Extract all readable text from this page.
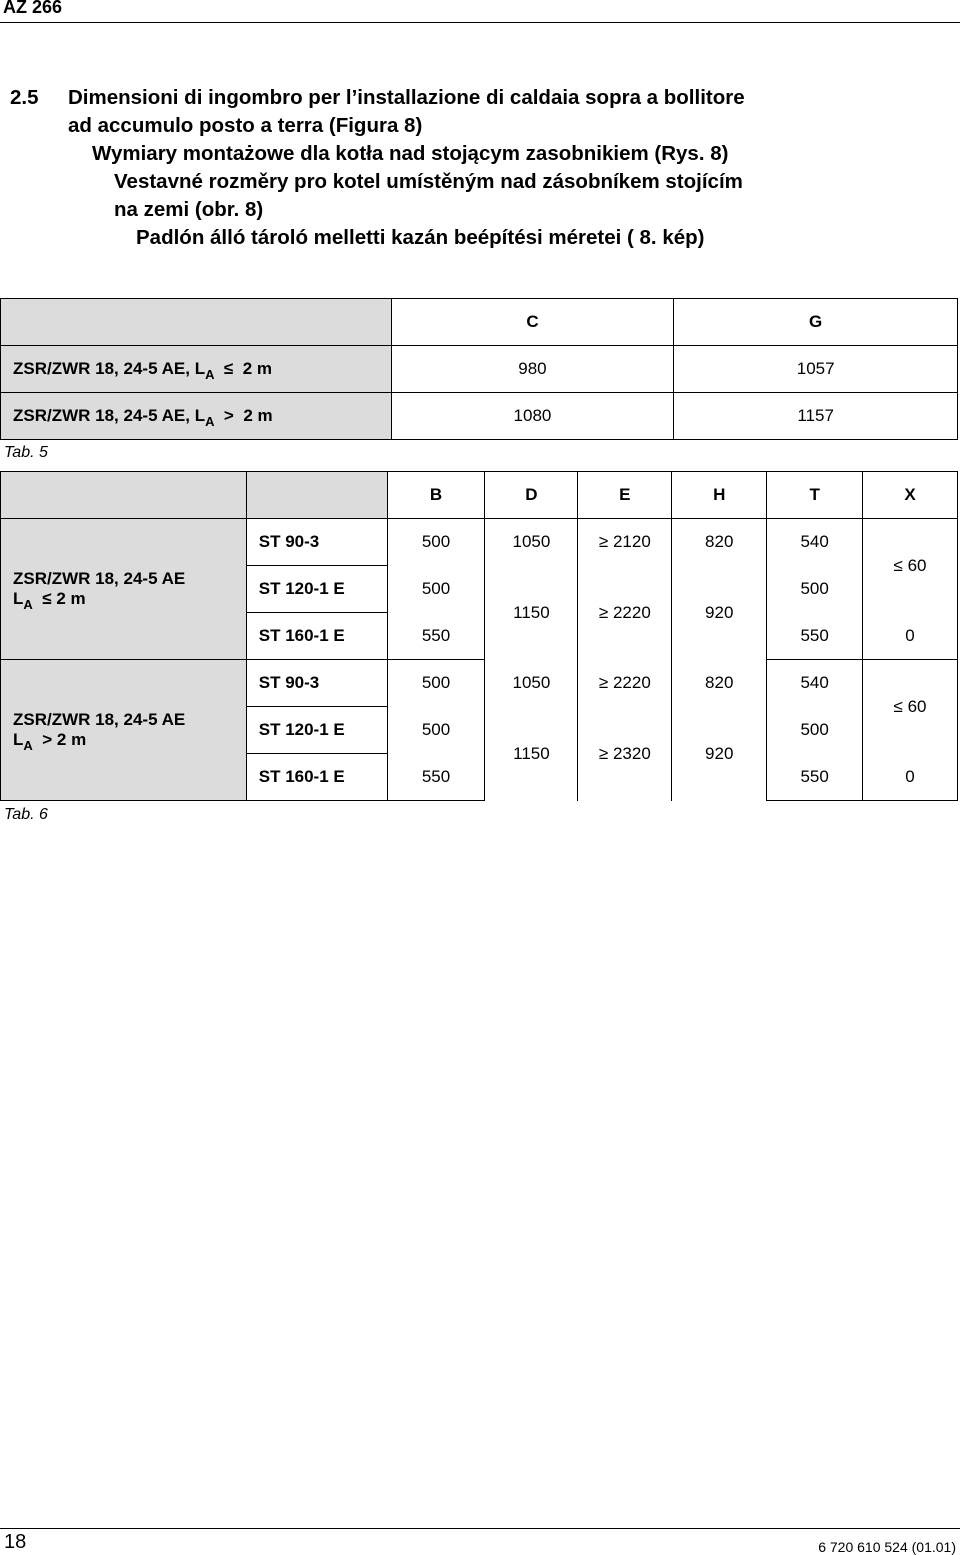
AZ 266
2.5 Dimensioni di ingombro per l’installazione di caldaia sopra a bollitore
ad accumulo posto a terra (Figura 8)
Wymiary montażowe dla kotła nad stojącym zasobnikiem (Rys. 8)
Vestavné rozměry pro kotel umístěným nad zásobníkem stojícím
na zemi (obr. 8)
Padlón álló tároló melletti kazán beépítési méretei ( 8. kép)
	C	G
ZSR/ZWR 18, 24-5 AE, $L_A \le 2$ m	980	1057
ZSR/ZWR 18, 24-5 AE, $L_A > 2$ m	1080	1157
Tab. 5
		B	D	E	H	T	X

ZSR/ZWR 18, 24-5 AE
$L_A \le 2$ m	ST 90-3	500	1050	≥ 2120	820	540	≤ 60
	ST 120-1 E	500	1150	≥ 2220	920	500	
	ST 160-1 E	550				550	0

ZSR/ZWR 18, 24-5 AE
$L_A > 2$ m	ST 90-3	500	1050	≥ 2220	820	540	≤ 60
	ST 120-1 E	500	1150	≥ 2320	920	500	
	ST 160-1 E	550				550	0
Tab. 6
18	6 720 610 524 (01.01)
